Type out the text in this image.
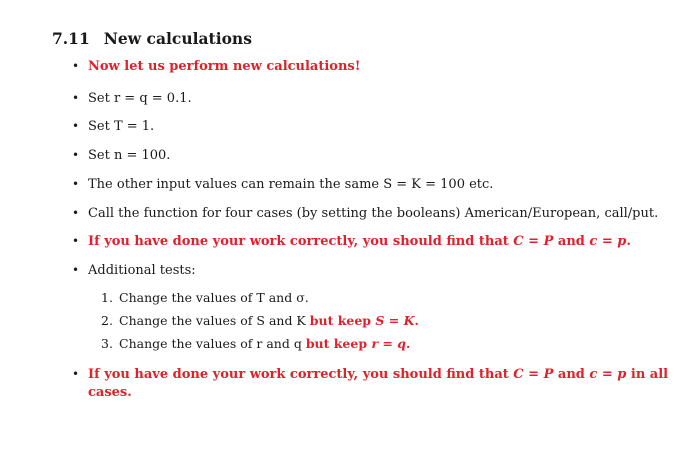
7.11 New calculations
• Now let us perform new calculations!
• Set r = q = 0.1.
• Set T = 1.
• Set n = 100.
• The other input values can remain the same S = K = 100 etc.
• Call the function for four cases (by setting the booleans) American/European, call/put.
• If you have done your work correctly, you should find that C = P and c = p.
• Additional tests:
1. Change the values of T and σ.
2. Change the values of S and K but keep S = K.
3. Change the values of r and q but keep r = q.
• If you have done your work correctly, you should find that C = P and c = p in all
cases.
